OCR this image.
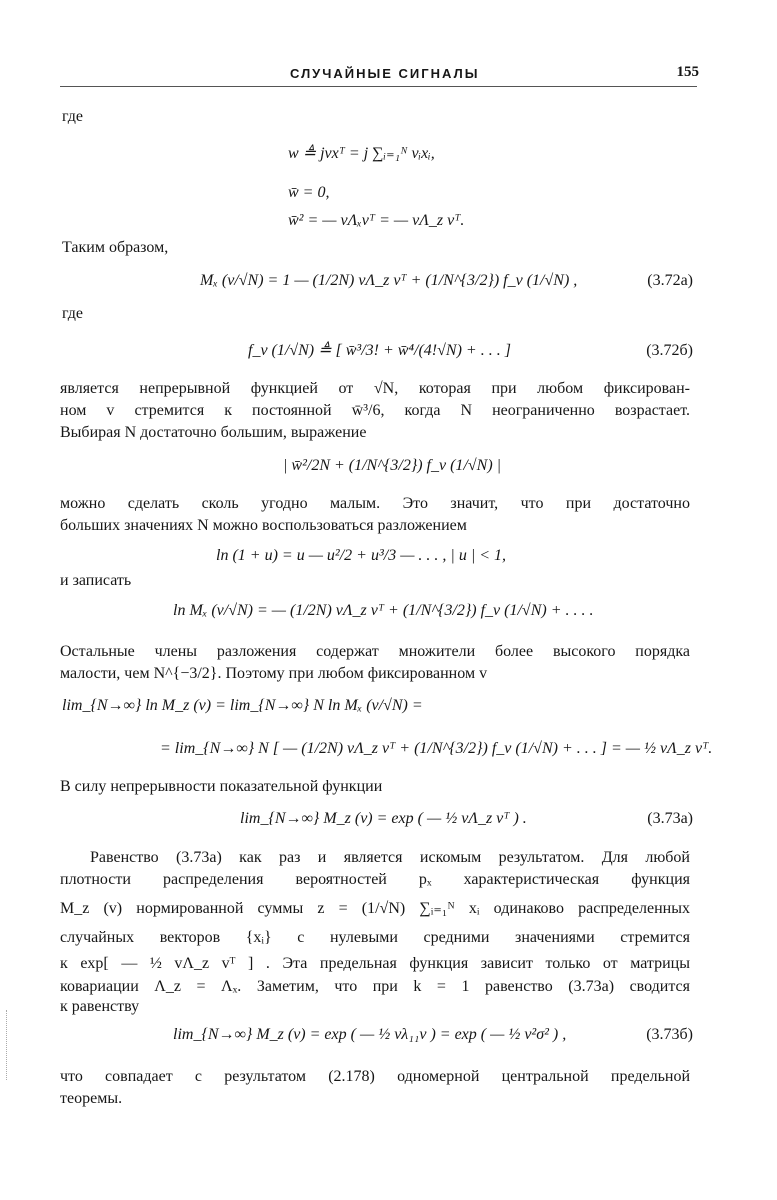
СЛУЧАЙНЫЕ СИГНАЛЫ	155
где
w ≜ jvxᵀ = j ∑ᵢ₌₁ᴺ νᵢxᵢ,
w̄ = 0,
w̄² = — vΛₓvᵀ = — vΛ_z vᵀ.
Таким образом,
Mₓ (v/√N) = 1 — (1/2N) vΛ_z vᵀ + (1/N^{3/2}) f_v (1/√N) ,	(3.72а)
где
f_v (1/√N) ≜ [ w̄³/3! + w̄⁴/(4!√N) + . . . ]	(3.72б)
является непрерывной функцией от √N, которая при любом фиксирован-
ном v стремится к постоянной w̄³/6, когда N неограниченно возрастает.
Выбирая N достаточно большим, выражение
| w̄²/2N + (1/N^{3/2}) f_v (1/√N) |
можно сделать сколь угодно малым. Это значит, что при достаточно
больших значениях N можно воспользоваться разложением
ln (1 + u) = u — u²/2 + u³/3 — . . . , | u | < 1,
и записать
ln Mₓ (v/√N) = — (1/2N) vΛ_z vᵀ + (1/N^{3/2}) f_v (1/√N) + . . . .
Остальные члены разложения содержат множители более высокого порядка
малости, чем N^{−3/2}. Поэтому при любом фиксированном v
lim_{N→∞} ln M_z (v) = lim_{N→∞} N ln Mₓ (v/√N) =
= lim_{N→∞} N [ — (1/2N) vΛ_z vᵀ + (1/N^{3/2}) f_v (1/√N) + . . . ] = — ½ vΛ_z vᵀ.
В силу непрерывности показательной функции
lim_{N→∞} M_z (v) = exp ( — ½ vΛ_z vᵀ ) .	(3.73а)
Равенство (3.73а) как раз и является искомым результатом. Для любой
плотности распределения вероятностей pₓ характеристическая функция
M_z (v) нормированной суммы z = (1/√N) ∑ᵢ₌₁ᴺ xᵢ одинаково распределенных
случайных векторов {xᵢ} с нулевыми средними значениями стремится
к exp[ — ½ vΛ_z vᵀ ] . Эта предельная функция зависит только от матрицы
ковариации Λ_z = Λₓ. Заметим, что при k = 1 равенство (3.73а) сводится
к равенству
lim_{N→∞} M_z (v) = exp ( — ½ vλ₁₁v ) = exp ( — ½ v²σ² ) ,	(3.73б)
что совпадает с результатом (2.178) одномерной центральной предельной
теоремы.
